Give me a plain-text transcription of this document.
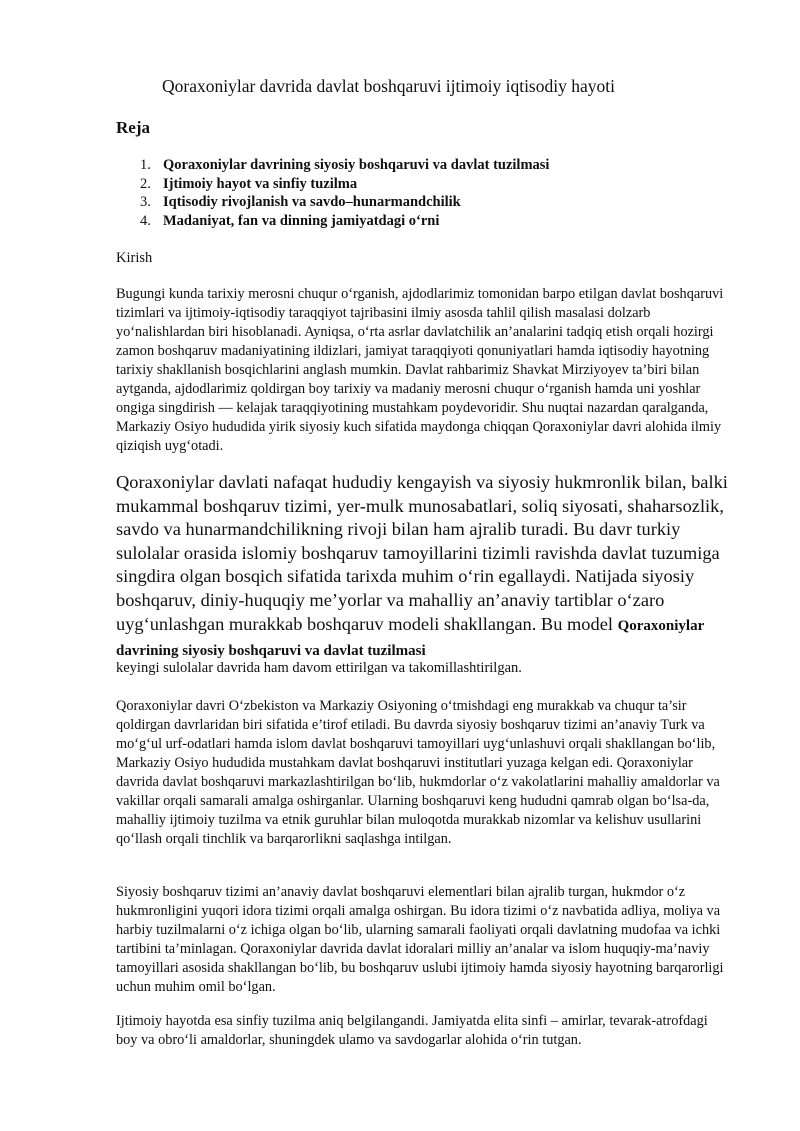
Qoraxoniylar davrida davlat boshqaruvi ijtimoiy iqtisodiy hayoti
Reja
1. Qoraxoniylar davrining siyosiy boshqaruvi va davlat tuzilmasi
2. Ijtimoiy hayot va sinfiy tuzilma
3. Iqtisodiy rivojlanish va savdo–hunarmandchilik
4. Madaniyat, fan va dinning jamiyatdagi o‘rni
Kirish

Bugungi kunda tarixiy merosni chuqur o‘rganish, ajdodlarimiz tomonidan barpo etilgan davlat boshqaruvi tizimlari va ijtimoiy-iqtisodiy taraqqiyot tajribasini ilmiy asosda tahlil qilish masalasi dolzarb yo‘nalishlardan biri hisoblanadi. Ayniqsa, o‘rta asrlar davlatchilik an’analarini tadqiq etish orqali hozirgi zamon boshqaruv madaniyatining ildizlari, jamiyat taraqqiyoti qonuniyatlari hamda iqtisodiy hayotning tarixiy shakllanish bosqichlarini anglash mumkin. Davlat rahbarimiz Shavkat Mirziyoyev ta’biri bilan aytganda, ajdodlarimiz qoldirgan boy tarixiy va madaniy merosni chuqur o‘rganish hamda uni yoshlar ongiga singdirish — kelajak taraqqiyotining mustahkam poydevoridir. Shu nuqtai nazardan qaralganda, Markaziy Osiyo hududida yirik siyosiy kuch sifatida maydonga chiqqan Qoraxoniylar davri alohida ilmiy qiziqish uyg‘otadi.

Qoraxoniylar davlati nafaqat hududiy kengayish va siyosiy hukmronlik bilan, balki mukammal boshqaruv tizimi, yer-mulk munosabatlari, soliq siyosati, shaharsozlik, savdo va hunarmandchilikning rivoji bilan ham ajralib turadi. Bu davr turkiy sulolalar orasida islomiy boshqaruv tamoyillarini tizimli ravishda davlat tuzumiga singdira olgan bosqich sifatida tarixda muhim o‘rin egallaydi. Natijada siyosiy boshqaruv, diniy-huquqiy me’yorlar va mahalliy an’anaviy tartiblar o‘zaro uyg‘unlashgan murakkab boshqaruv modeli shakllangan. Bu model Qoraxoniylar davrining siyosiy boshqaruvi va davlat tuzilmasi

keyingi sulolalar davrida ham davom ettirilgan va takomillashtirilgan.

Qoraxoniylar davri O‘zbekiston va Markaziy Osiyoning o‘tmishdagi eng murakkab va chuqur ta’sir qoldirgan davrlaridan biri sifatida e’tirof etiladi. Bu davrda siyosiy boshqaruv tizimi an’anaviy Turk va mo‘g‘ul urf-odatlari hamda islom davlat boshqaruvi tamoyillari uyg‘unlashuvi orqali shakllangan bo‘lib, Markaziy Osiyo hududida mustahkam davlat boshqaruvi institutlari yuzaga kelgan edi. Qoraxoniylar davrida davlat boshqaruvi markazlashtirilgan bo‘lib, hukmdorlar o‘z vakolatlarini mahalliy amaldorlar va vakillar orqali samarali amalga oshirganlar. Ularning boshqaruvi keng hududni qamrab olgan bo‘lsa-da, mahalliy ijtimoiy tuzilma va etnik guruhlar bilan muloqotda murakkab nizomlar va kelishuv usullarini qo‘llash orqali tinchlik va barqarorlikni saqlashga intilgan.

Siyosiy boshqaruv tizimi an’anaviy davlat boshqaruvi elementlari bilan ajralib turgan, hukmdor o‘z hukmronligini yuqori idora tizimi orqali amalga oshirgan. Bu idora tizimi o‘z navbatida adliya, moliya va harbiy tuzilmalarni o‘z ichiga olgan bo‘lib, ularning samarali faoliyati orqali davlatning mudofaa va ichki tartibini ta’minlagan. Qoraxoniylar davrida davlat idoralari milliy an’analar va islom huquqiy-ma’naviy tamoyillari asosida shakllangan bo‘lib, bu boshqaruv uslubi ijtimoiy hamda siyosiy hayotning barqarorligi uchun muhim omil bo‘lgan.

Ijtimoiy hayotda esa sinfiy tuzilma aniq belgilangandi. Jamiyatda elita sinfi – amirlar, tevarak-atrofdagi boy va obro‘li amaldorlar, shuningdek ulamo va savdogarlar alohida o‘rin tutgan.
